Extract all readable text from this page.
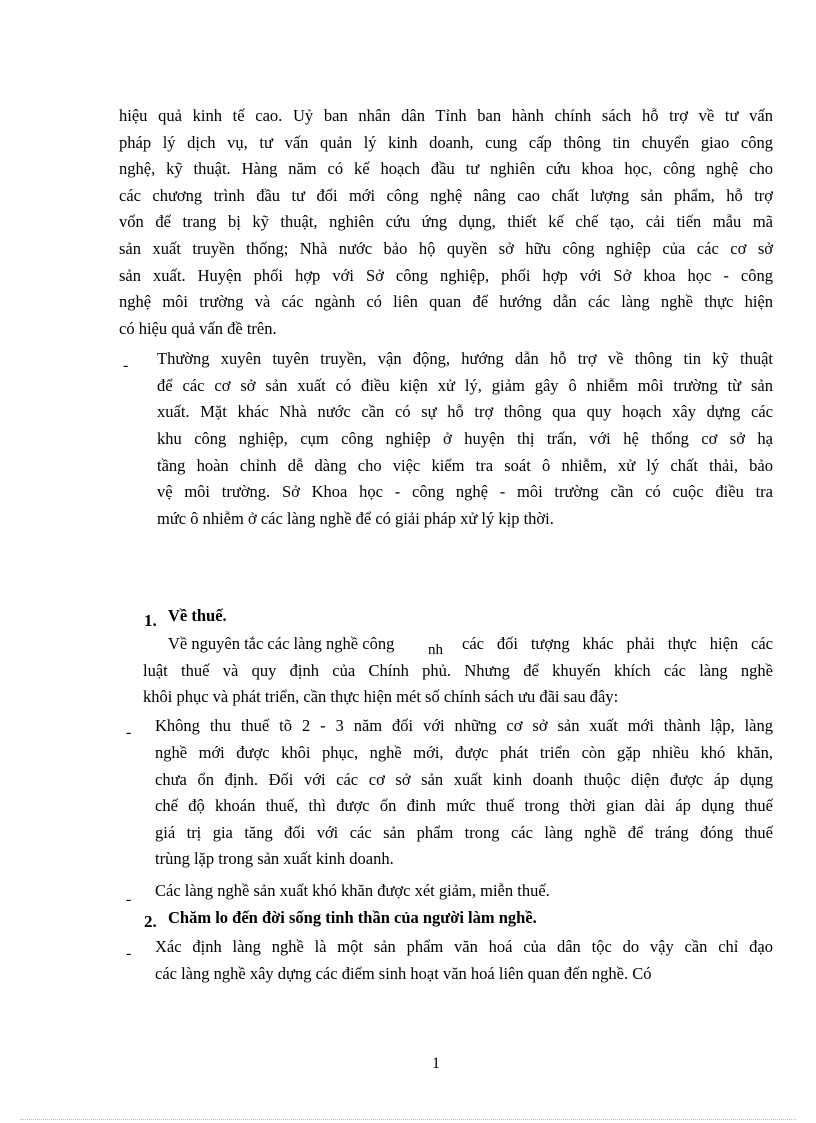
hiệu quả kinh tế cao. Uỷ ban nhân dân Tỉnh ban hành chính sách hỗ trợ về tư vấn
pháp lý dịch vụ, tư vấn quản lý kinh doanh, cung cấp thông tin chuyển giao công
nghệ, kỹ thuật. Hàng năm có kế hoạch đầu tư nghiên cứu khoa học, công nghệ cho
các chương trình đầu tư đổi mới công nghệ nâng cao chất lượng sản phẩm, hỗ trợ
vốn để trang bị kỹ thuật, nghiên cứu ứng dụng, thiết kế chế tạo, cải tiến mẫu mã
sản xuất truyền thống; Nhà nước bảo hộ quyền sở hữu công nghiệp của các cơ sở
sản xuất. Huyện phối hợp với Sở công nghiệp, phối hợp với Sở khoa học - công
nghệ môi trường và các ngành có liên quan để hướng dẫn các làng nghề thực hiện
có hiệu quả vấn đề trên.
- Thường xuyên tuyên truyền, vận động, hướng dẫn hỗ trợ về thông tin kỹ thuật
để các cơ sở sản xuất có điều kiện xử lý, giảm gây ô nhiễm môi trường từ sản
xuất. Mặt khác Nhà nước cần có sự hỗ trợ thông qua quy hoạch xây dựng các
khu công nghiệp, cụm công nghiệp ở huyện thị trấn, với hệ thống cơ sở hạ
tầng hoàn chỉnh dễ dàng cho việc kiểm tra soát ô nhiễm, xử lý chất thải, bảo
vệ môi trường. Sở Khoa học - công nghệ - môi trường cần có cuộc điều tra
mức ô nhiễm ở các làng nghề để có giải pháp xử lý kịp thời.
1. Về thuế.
Về nguyên tắc các làng nghề công nh các đối tượng khác phải thực hiện các
luật thuế và quy định của Chính phủ. Nhưng để khuyến khích các làng nghề
khôi phục và phát triển, cần thực hiện mét số chính sách ưu đãi sau đây:
- Không thu thuế tõ 2 - 3 năm đối với những cơ sở sản xuất mới thành lập, làng
nghề mới được khôi phục, nghề mới, được phát triển còn gặp nhiều khó khăn,
chưa ổn định. Đối với các cơ sở sản xuất kinh doanh thuộc diện được áp dụng
chế độ khoán thuế, thì được ổn đinh mức thuế trong thời gian dài áp dụng thuế
giá trị gia tăng đối với các sản phẩm trong các làng nghề để tráng đóng thuế
trùng lặp trong sản xuất kinh doanh.
- Các làng nghề sản xuất khó khăn được xét giảm, miễn thuế.
2. Chăm lo đến đời sống tinh thần của người làm nghề.
- Xác định làng nghề là một sản phẩm văn hoá của dân tộc do vậy cần chỉ đạo
các làng nghề xây dựng các điểm sinh hoạt văn hoá liên quan đến nghề. Có
1
